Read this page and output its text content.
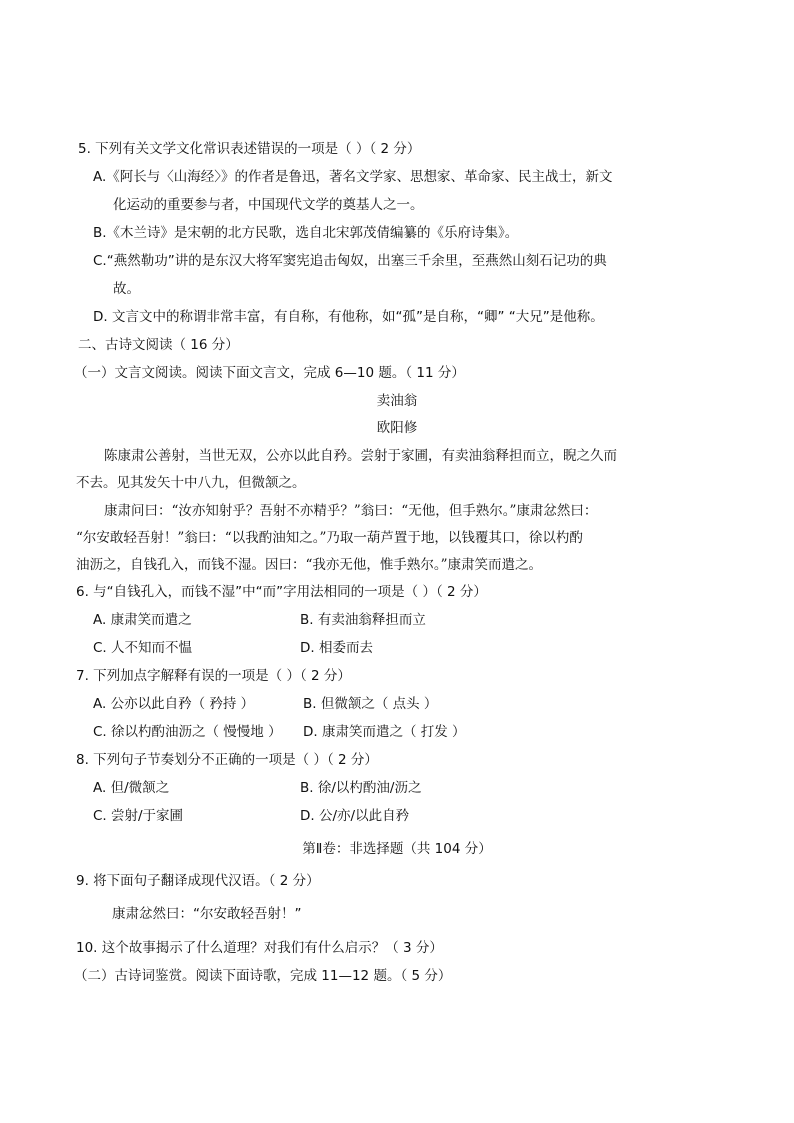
5. 下列有关文学文化常识表述错误的一项是（ ）（ 2 分）
A.《阿长与〈山海经〉》的作者是鲁迅，著名文学家、思想家、革命家、民主战士，新文
化运动的重要参与者，中国现代文学的奠基人之一。
B.《木兰诗》是宋朝的北方民歌，选自北宋郭茂倩编纂的《乐府诗集》。
C.“燕然勒功”讲的是东汉大将军窦宪追击匈奴，出塞三千余里，至燕然山刻石记功的典
故。
D. 文言文中的称谓非常丰富，有自称，有他称，如“孤”是自称，“卿” “大兄”是他称。
二、古诗文阅读（ 16 分）
（一）文言文阅读。阅读下面文言文，完成 6—10 题。（ 11 分）
卖油翁
欧阳修
陈康肃公善射，当世无双，公亦以此自矜。尝射于家圃，有卖油翁释担而立，睨之久而
不去。见其发矢十中八九，但微颔之。
康肃问曰：“汝亦知射乎？吾射不亦精乎？”翁曰：“无他，但手熟尔。”康肃忿然曰：
“尔安敢轻吾射！”翁曰：“以我酌油知之。”乃取一葫芦置于地，以钱覆其口，徐以杓酌
油沥之，自钱孔入，而钱不湿。因曰：“我亦无他，惟手熟尔。”康肃笑而遣之。
6. 与“自钱孔入，而钱不湿”中“而”字用法相同的一项是（ ）（ 2 分）
A. 康肃笑而遣之	B. 有卖油翁释担而立
C. 人不知而不愠	D. 相委而去
7. 下列加点字解释有误的一项是（ ）（ 2 分）
A. 公亦以此自矜（ 矜持 ）	B. 但微颔之（ 点头 ）
C. 徐以杓酌油沥之（ 慢慢地 ） D. 康肃笑而遣之（ 打发 ）
8. 下列句子节奏划分不正确的一项是（ ）（ 2 分）
A. 但/微颔之	B. 徐/以杓酌油/沥之
C. 尝射/于家圃	D. 公/亦/以此自矜
第Ⅱ卷：非选择题（共 104 分）
9. 将下面句子翻译成现代汉语。（ 2 分）
康肃忿然曰：“尔安敢轻吾射！”
10. 这个故事揭示了什么道理？对我们有什么启示？（ 3 分）
（二）古诗词鉴赏。阅读下面诗歌，完成 11—12 题。（ 5 分）
